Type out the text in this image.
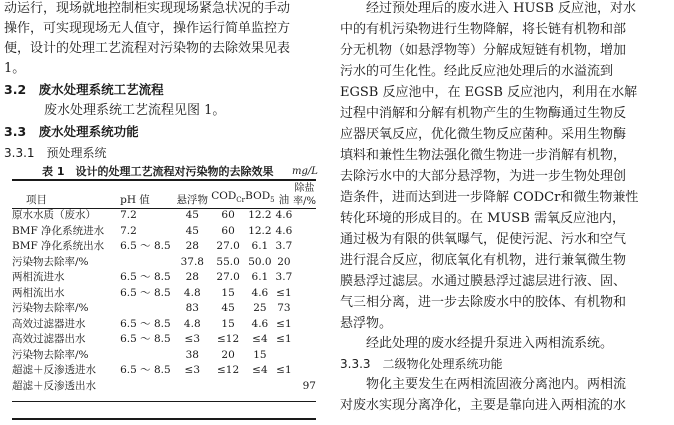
动运行，现场就地控制柜实现现场紧急状况的手动
操作，可实现现场无人值守，操作运行简单监控方
便，设计的处理工艺流程对污染物的去除效果见表
1。
3.2　废水处理系统工艺流程
废水处理系统工艺流程见图 1。
3.3　废水处理系统功能
3.3.1　预处理系统
表 1　设计的处理工艺流程对污染物的去除效果 mg/L
项目	pH 值	悬浮物	$COD_{Cr}$	$BOD_5$	油	除盐率/%
原水水质（废水）	7.2	45	60	12.2	4.6	
BMF 净化系统进水	7.2	45	60	12.2	4.6	
BMF 净化系统出水	6.5 ～ 8.5	28	27.0	6.1	3.7	
污染物去除率/%		37.8	55.0	50.0	20	
两相流进水	6.5 ～ 8.5	28	27.0	6.1	3.7	
两相流出水	6.5 ～ 8.5	4.8	15	4.6	≤1	
污染物去除率/%		83	45	25	73	
高效过滤器进水	6.5 ～ 8.5	4.8	15	4.6	≤1	
高效过滤器出水	6.5 ～ 8.5	≤3	≤12	≤4	≤1	
污染物去除率/%		38	20	15		
超滤＋反渗透进水	6.5 ～ 8.5	≤3	≤12	≤4	≤1	
超滤＋反渗透出水						97
　　经过预处理后的废水进入 HUSB 反应池，对水
中的有机污染物进行生物降解，将长链有机物和部
分无机物（如悬浮物等）分解成短链有机物，增加
污水的可生化性。经此反应池处理后的水溢流到
EGSB 反应池中，在 EGSB 反应池内，利用在水解
过程中消解和分解有机物产生的生物酶通过生物反
应器厌氧反应，优化微生物反应菌种。采用生物酶
填料和兼性生物法强化微生物进一步消解有机物，
去除污水中的大部分悬浮物，为进一步生物处理创
造条件，进而达到进一步降解 CODCr和微生物兼性
转化环境的形成目的。在 MUSB 需氧反应池内，
通过极为有限的供氧曝气，促使污泥、污水和空气
进行混合反应，彻底氧化有机物，进行兼氧微生物
膜悬浮过滤层。水通过膜悬浮过滤层进行液、固、
气三相分离，进一步去除废水中的胶体、有机物和
悬浮物。
　　经此处理的废水经提升泵进入两相流系统。
3.3.3　二级物化处理系统功能
　　物化主要发生在两相流固液分离池内。两相流
对废水实现分离净化，主要是靠向进入两相流的水
